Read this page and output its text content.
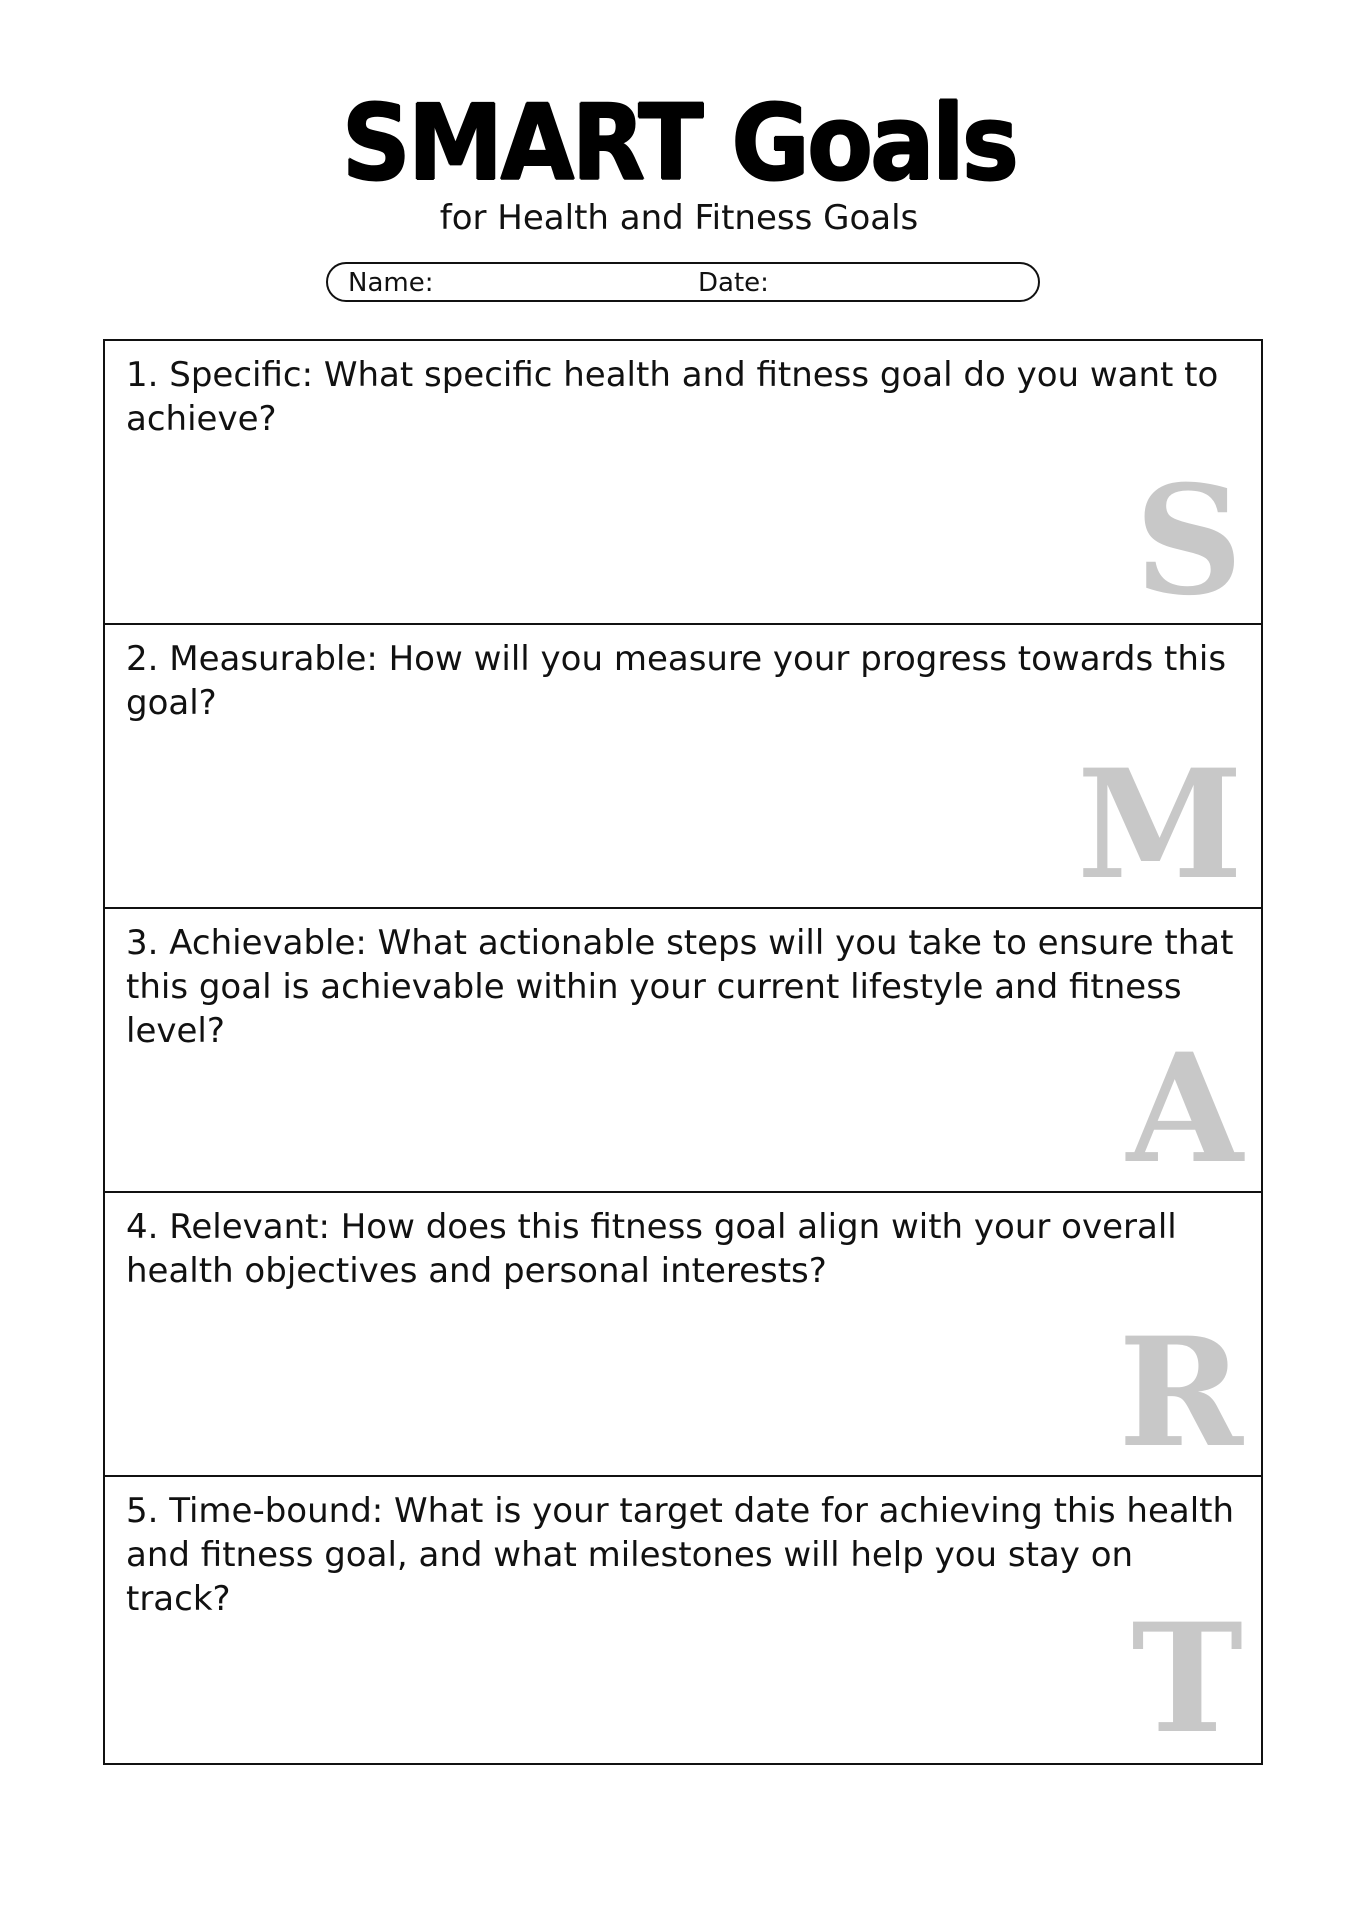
SMART Goals
for Health and Fitness Goals
Name:	Date:
1. Specific: What specific health and fitness goal do you want to achieve?
S
2. Measurable: How will you measure your progress towards this goal?
M
3. Achievable: What actionable steps will you take to ensure that this goal is achievable within your current lifestyle and fitness level?	A
4. Relevant: How does this fitness goal align with your overall health objectives and personal interests?
R
5. Time-bound: What is your target date for achieving this health and fitness goal, and what milestones will help you stay on track?	T
